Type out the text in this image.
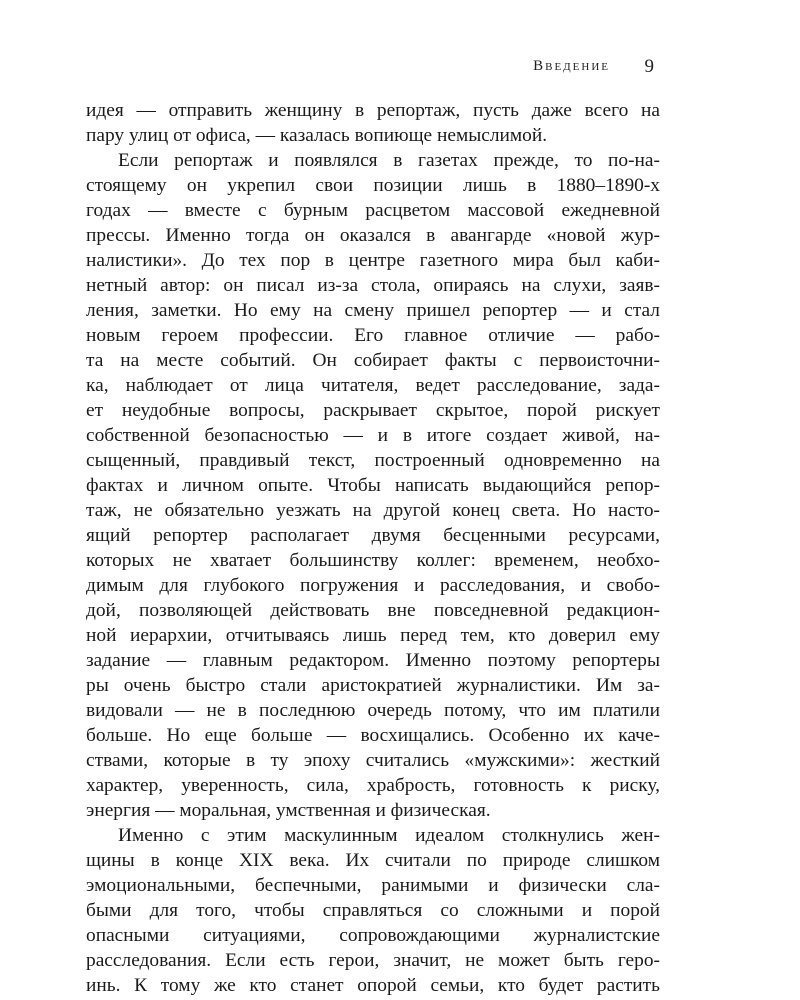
Введение 9
идея — отправить женщину в репортаж, пусть даже всего на
пару улиц от офиса, — казалась вопиюще немыслимой.
Если репортаж и появлялся в газетах прежде, то по-на-
стоящему он укрепил свои позиции лишь в 1880–1890-х
годах — вместе с бурным расцветом массовой ежедневной
прессы. Именно тогда он оказался в авангарде «новой жур-
налистики». До тех пор в центре газетного мира был каби-
нетный автор: он писал из-за стола, опираясь на слухи, заяв-
ления, заметки. Но ему на смену пришел репортер — и стал
новым героем профессии. Его главное отличие — рабо-
та на месте событий. Он собирает факты с первоисточни-
ка, наблюдает от лица читателя, ведет расследование, зада-
ет неудобные вопросы, раскрывает скрытое, порой рискует
собственной безопасностью — и в итоге создает живой, на-
сыщенный, правдивый текст, построенный одновременно на
фактах и личном опыте. Чтобы написать выдающийся репор-
таж, не обязательно уезжать на другой конец света. Но насто-
ящий репортер располагает двумя бесценными ресурсами,
которых не хватает большинству коллег: временем, необхо-
димым для глубокого погружения и расследования, и свобо-
дой, позволяющей действовать вне повседневной редакцион-
ной иерархии, отчитываясь лишь перед тем, кто доверил ему
задание — главным редактором. Именно поэтому репортеры
ры очень быстро стали аристократией журналистики. Им за-
видовали — не в последнюю очередь потому, что им платили
больше. Но еще больше — восхищались. Особенно их каче-
ствами, которые в ту эпоху считались «мужскими»: жесткий
характер, уверенность, сила, храбрость, готовность к риску,
энергия — моральная, умственная и физическая.
Именно с этим маскулинным идеалом столкнулись жен-
щины в конце XIX века. Их считали по природе слишком
эмоциональными, беспечными, ранимыми и физически сла-
быми для того, чтобы справляться со сложными и порой
опасными ситуациями, сопровождающими журналистские
расследования. Если есть герои, значит, не может быть геро-
инь. К тому же кто станет опорой семьи, кто будет растить
